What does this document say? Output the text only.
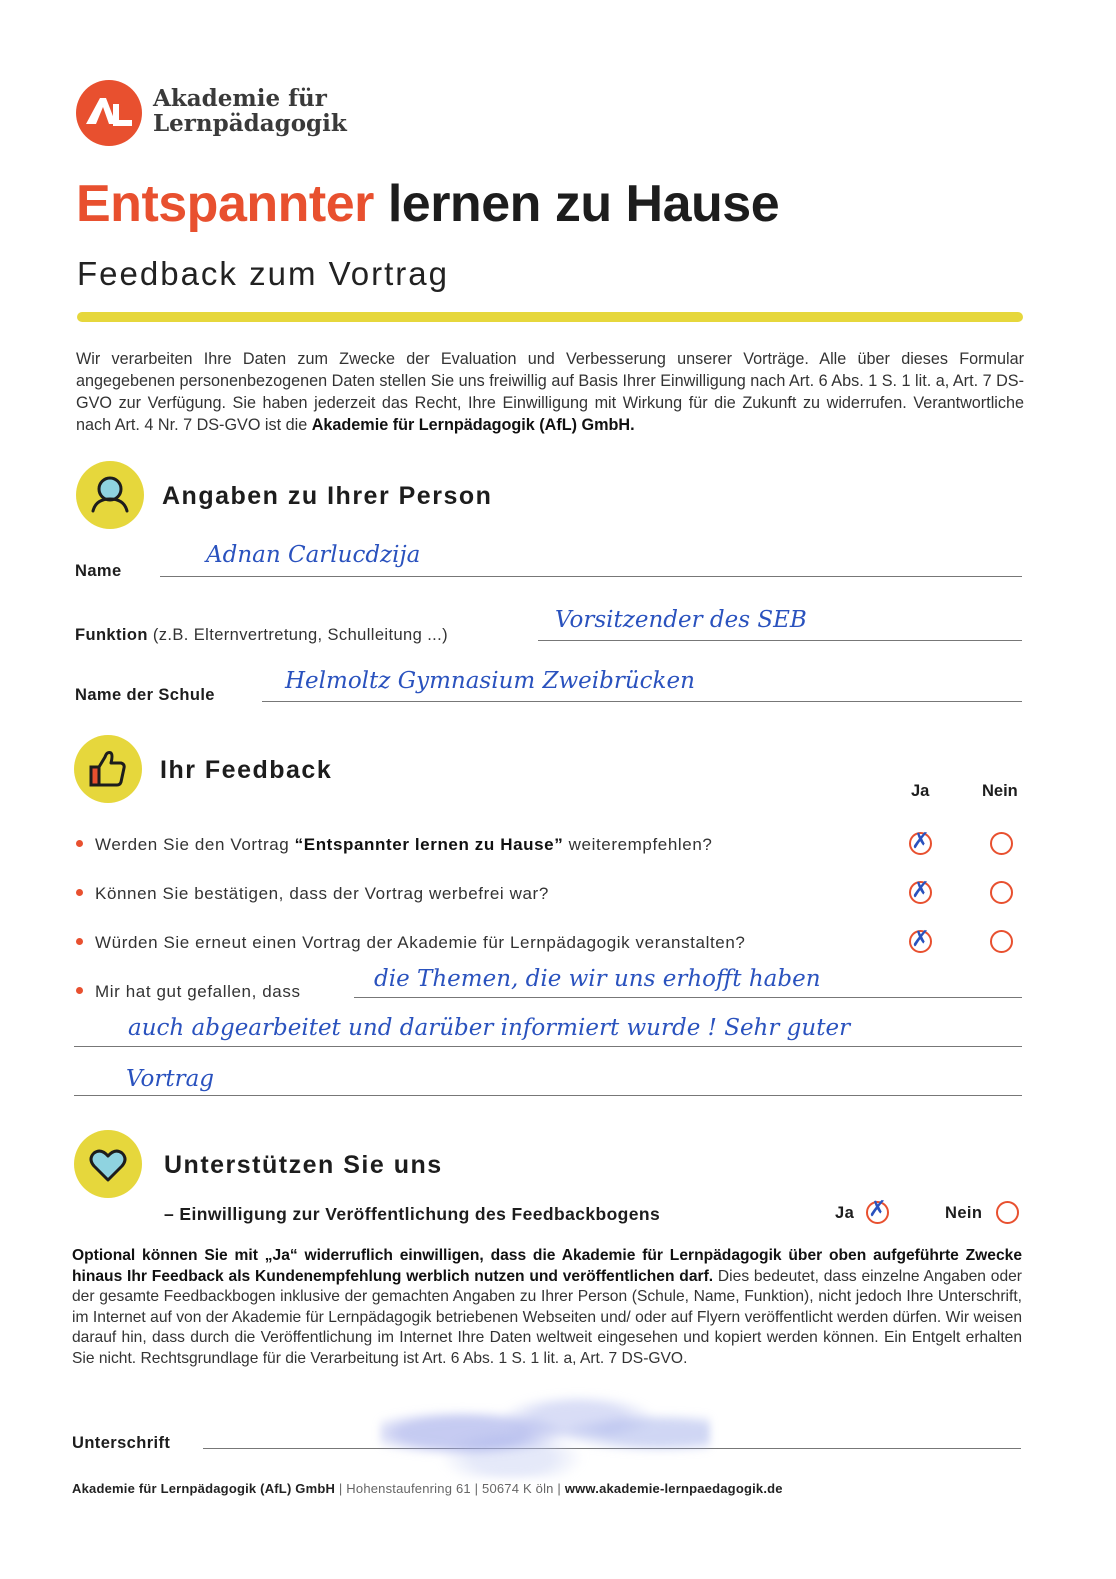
Akademie für
Lernpädagogik
Entspannter lernen zu Hause
Feedback zum Vortrag
Wir verarbeiten Ihre Daten zum Zwecke der Evaluation und Verbesserung unserer Vorträge. Alle über dieses Formular angegebenen personenbezogenen Daten stellen Sie uns freiwillig auf Basis Ihrer Einwilligung nach Art. 6 Abs. 1 S. 1 lit. a, Art. 7 DS-GVO zur Verfügung. Sie haben jederzeit das Recht, Ihre Einwilligung mit Wirkung für die Zukunft zu widerrufen. Verantwortliche nach Art. 4 Nr. 7 DS-GVO ist die Akademie für Lernpädagogik (AfL) GmbH.
Angaben zu Ihrer Person
Name
Adnan Carlucdzija
Funktion (z.B. Elternvertretung, Schulleitung ...)
Vorsitzender des SEB
Name der Schule
Helmoltz Gymnasium Zweibrücken
Ihr Feedback
Ja	Nein
Werden Sie den Vortrag “Entspannter lernen zu Hause” weiterempfehlen?	✗
Können Sie bestätigen, dass der Vortrag werbefrei war?	✗
Würden Sie erneut einen Vortrag der Akademie für Lernpädagogik veranstalten?	✗
Mir hat gut gefallen, dass	die Themen, die wir uns erhofft haben
auch abgearbeitet und darüber informiert wurde ! Sehr guter
Vortrag
Unterstützen Sie uns
– Einwilligung zur Veröffentlichung des Feedbackbogens	Ja ✗	Nein
Optional können Sie mit „Ja“ widerruflich einwilligen, dass die Akademie für Lernpädagogik über oben aufgeführte Zwecke hinaus Ihr Feedback als Kundenempfehlung werblich nutzen und veröffentlichen darf. Dies bedeutet, dass einzelne Angaben oder der gesamte Feedbackbogen inklusive der gemachten Angaben zu Ihrer Person (Schule, Name, Funktion), nicht jedoch Ihre Unterschrift, im Internet auf von der Akademie für Lernpädagogik betriebenen Webseiten und/ oder auf Flyern veröffentlicht werden dürfen. Wir weisen darauf hin, dass durch die Veröffentlichung im Internet Ihre Daten weltweit eingesehen und kopiert werden können. Ein Entgelt erhalten Sie nicht. Rechtsgrundlage für die Verarbeitung ist Art. 6 Abs. 1 S. 1 lit. a, Art. 7 DS-GVO.
Unterschrift
Akademie für Lernpädagogik (AfL) GmbH | Hohenstaufenring 61 | 50674 K öln | www.akademie-lernpaedagogik.de
